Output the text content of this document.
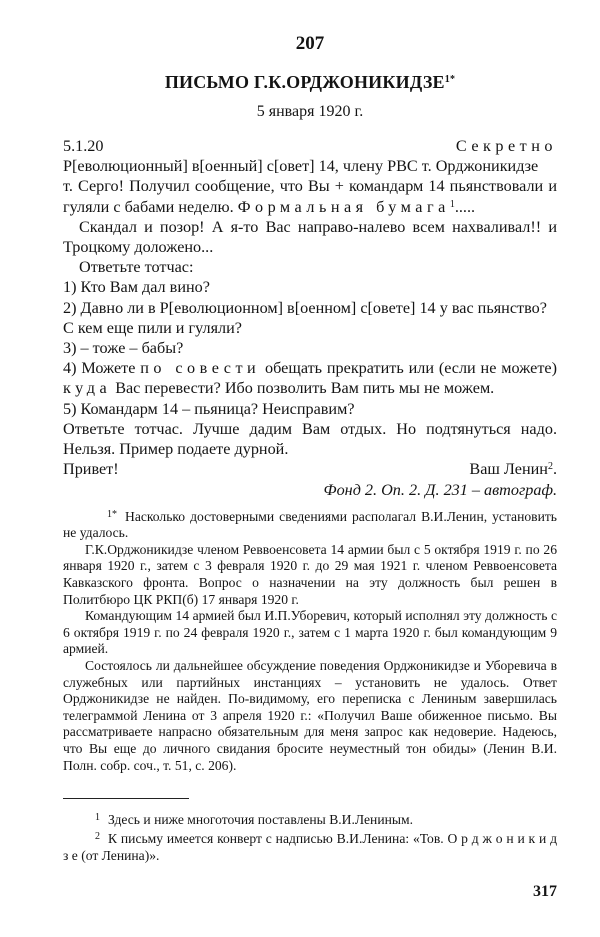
207
ПИСЬМО $Г.К.ОРДЖОНИКИДЗЕ^{1*}$
5 января 1920 г.
5.1.20	Секретно

Р[еволюционный] в[оенный] с[овет] 14, члену РВС т. Орджоникидзе

т. Серго! Получил сообщение, что Вы + командарм 14 пьянствовали и гуляли с бабами неделю. Формальная бумага$^1$.....

Скандал и позор! А я-то Вас направо-налево всем нахваливал!! и Троцкому доложено...

Ответьте тотчас:

1) Кто Вам дал вино?

2) Давно ли в Р[еволюционном] в[оенном] с[овете] 14 у вас пьянство?

С кем еще пили и гуляли?

3) – тоже – бабы?

4) Можете по совести обещать прекратить или (если не можете) куда Вас перевести? Ибо позволить Вам пить мы не можем.

5) Командарм 14 – пьяница? Неисправим?

Ответьте тотчас. Лучше дадим Вам отдых. Но подтянуться надо. Нельзя. Пример подаете дурной.

Привет!	Ваш Ленин$^2$.
Фонд 2. Оп. 2. Д. 231 – автограф.

1* Насколько достоверными сведениями располагал В.И.Ленин, установить не удалось.

Г.К.Орджоникидзе членом Реввоенсовета 14 армии был с 5 октября 1919 г. по 26 января 1920 г., затем с 3 февраля 1920 г. до 29 мая 1921 г. членом Реввоенсовета Кавказского фронта. Вопрос о назначении на эту должность был решен в Политбюро ЦК РКП(б) 17 января 1920 г.

Командующим 14 армией был И.П.Уборевич, который исполнял эту должность с 6 октября 1919 г. по 24 февраля 1920 г., затем с 1 марта 1920 г. был командующим 9 армией.

Состоялось ли дальнейшее обсуждение поведения Орджоникидзе и Уборевича в служебных или партийных инстанциях – установить не удалось. Ответ Орджоникидзе не найден. По-видимому, его переписка с Лениным завершилась телеграммой Ленина от 3 апреля 1920 г.: «Получил Ваше обиженное письмо. Вы рассматриваете напрасно обязательным для меня запрос как недоверие. Надеюсь, что Вы еще до личного свидания бросите неуместный тон обиды» (Ленин В.И. Полн. собр. соч., т. 51, с. 206).

1 Здесь и ниже многоточия поставлены В.И.Лениным.

2 К письму имеется конверт с надписью В.И.Ленина: «Тов. О р д ж о н и к и д з е (от Ленина)».

317
